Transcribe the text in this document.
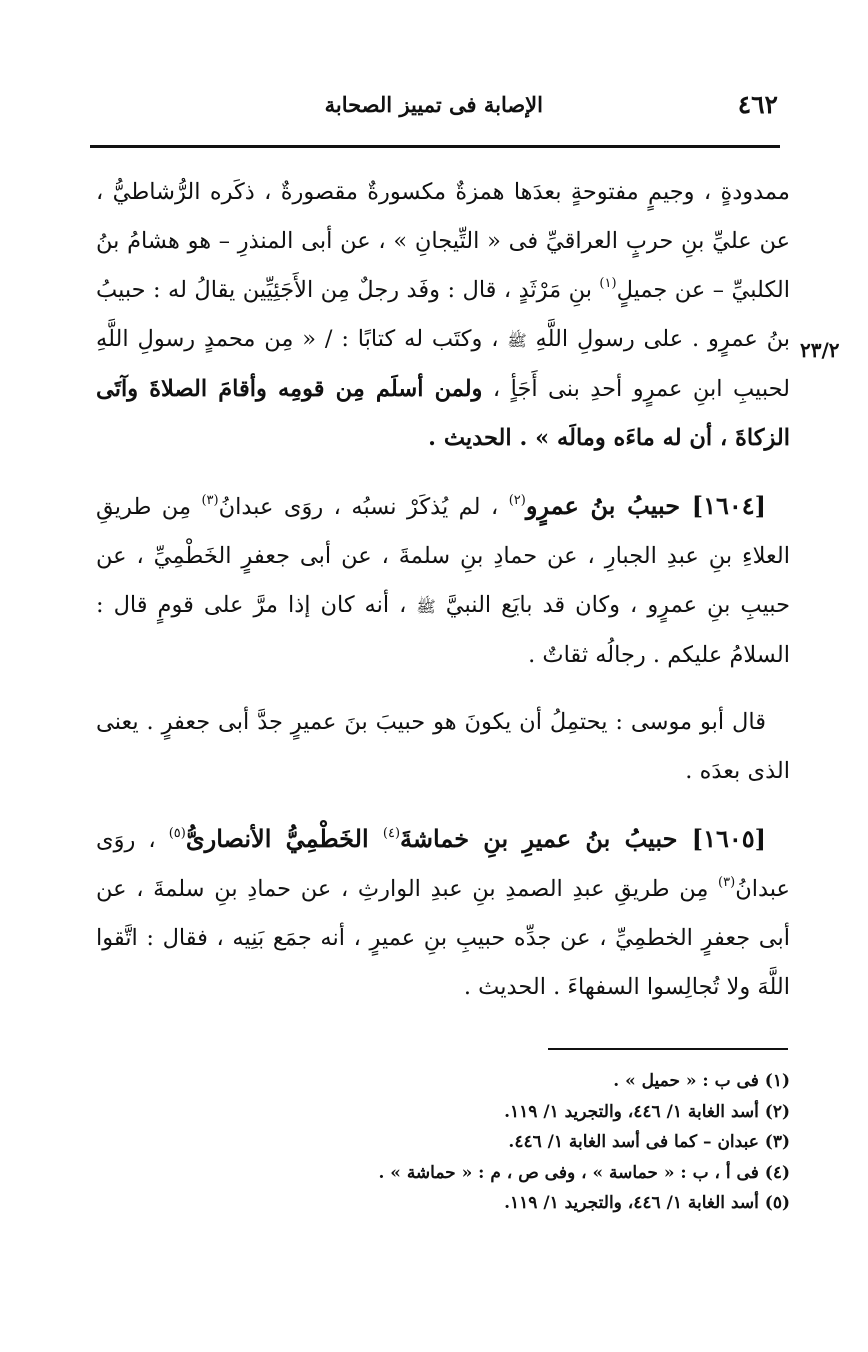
٤٦٢
الإصابة فى تمييز الصحابة
٢٣/٢

ممدودةٍ ، وجيمٍ مفتوحةٍ بعدَها همزةٌ مكسورةٌ مقصورةٌ ، ذكَره الرُّشاطيُّ ، عن عليِّ بنِ حربٍ العراقيِّ فى « التِّيجانِ » ، عن أبى المنذرِ – هو هشامُ بنُ الكلبيِّ – عن جميلٍ$^{(١)}$ بنِ مَرْثَدٍ ، قال : وفَد رجلٌ مِن الأَجَئِيِّين يقالُ له : حبيبُ بنُ عمرٍو . على رسولِ اللَّهِ ﷺ ، وكتَب له كتابًا : / « مِن محمدٍ رسولِ اللَّهِ لحبيبِ ابنِ عمرٍو أحدِ بنى أَجَأٍ ، ولمن أسلَم مِن قومِه وأقامَ الصلاةَ وآتَى الزكاةَ ، أن له ماءَه ومالَه » . الحديث .

[١٦٠٤] حبيبُ بنُ عمرٍو$^{(٢)}$ ، لم يُذكَرْ نسبُه ، روَى عبدانُ$^{(٣)}$ مِن طريقِ العلاءِ بنِ عبدِ الجبارِ ، عن حمادِ بنِ سلمةَ ، عن أبى جعفرٍ الخَطْمِيِّ ، عن حبيبِ بنِ عمرٍو ، وكان قد بايَع النبيَّ ﷺ ، أنه كان إذا مرَّ على قومٍ قال : السلامُ عليكم . رجالُه ثقاتٌ .

قال أبو موسى : يحتمِلُ أن يكونَ هو حبيبَ بنَ عميرٍ جدَّ أبى جعفرٍ . يعنى الذى بعدَه .

[١٦٠٥] حبيبُ بنُ عميرِ بنِ خماشةَ$^{(٤)}$ الخَطْمِيُّ الأنصارىُّ$^{(٥)}$ ، روَى عبدانُ$^{(٣)}$ مِن طريقِ عبدِ الصمدِ بنِ عبدِ الوارثِ ، عن حمادِ بنِ سلمةَ ، عن أبى جعفرٍ الخطمِيِّ ، عن جدِّه حبيبِ بنِ عميرٍ ، أنه جمَع بَنِيه ، فقال : اتَّقوا اللَّهَ ولا تُجالِسوا السفهاءَ . الحديث .

(١) فى ب : « حميل » .

(٢) أسد الغابة ١/ ٤٤٦، والتجريد ١/ ١١٩.

(٣) عبدان – كما فى أسد الغابة ١/ ٤٤٦.

(٤) فى أ ، ب : « حماسة » ، وفى ص ، م : « حماشة » .

(٥) أسد الغابة ١/ ٤٤٦، والتجريد ١/ ١١٩.
